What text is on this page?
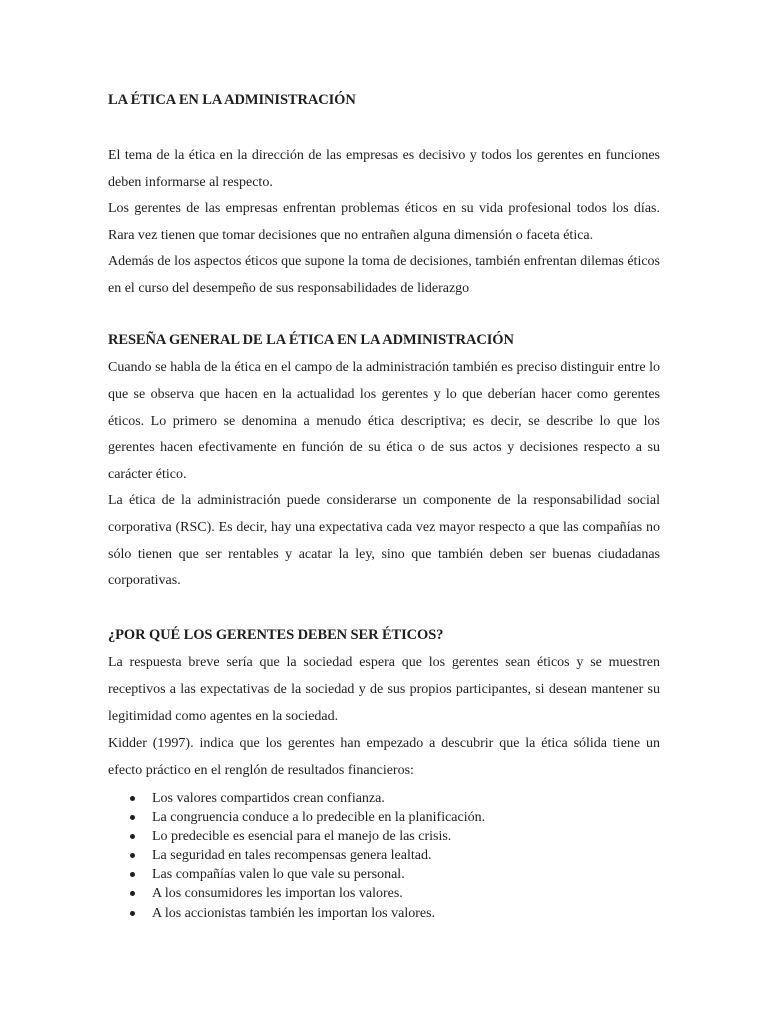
LA ÉTICA EN LA ADMINISTRACIÓN

El tema de la ética en la dirección de las empresas es decisivo y todos los gerentes en funciones deben informarse al respecto.

Los gerentes de las empresas enfrentan problemas éticos en su vida profesional todos los días. Rara vez tienen que tomar decisiones que no entrañen alguna dimensión o faceta ética.

Además de los aspectos éticos que supone la toma de decisiones, también enfrentan dilemas éticos en el curso del desempeño de sus responsabilidades de liderazgo

RESEÑA GENERAL DE LA ÉTICA EN LA ADMINISTRACIÓN

Cuando se habla de la ética en el campo de la administración también es preciso distinguir entre lo que se observa que hacen en la actualidad los gerentes y lo que deberían hacer como gerentes éticos. Lo primero se denomina a menudo ética descriptiva; es decir, se describe lo que los gerentes hacen efectivamente en función de su ética o de sus actos y decisiones respecto a su carácter ético.

La ética de la administración puede considerarse un componente de la responsabilidad social corporativa (RSC). Es decir, hay una expectativa cada vez mayor respecto a que las compañías no sólo tienen que ser rentables y acatar la ley, sino que también deben ser buenas ciudadanas corporativas.

¿POR QUÉ LOS GERENTES DEBEN SER ÉTICOS?

La respuesta breve sería que la sociedad espera que los gerentes sean éticos y se muestren receptivos a las expectativas de la sociedad y de sus propios participantes, si desean mantener su legitimidad como agentes en la sociedad.

Kidder (1997). indica que los gerentes han empezado a descubrir que la ética sólida tiene un efecto práctico en el renglón de resultados financieros:

Los valores compartidos crean confianza.
La congruencia conduce a lo predecible en la planificación.
Lo predecible es esencial para el manejo de las crisis.
La seguridad en tales recompensas genera lealtad.
Las compañías valen lo que vale su personal.
A los consumidores les importan los valores.
A los accionistas también les importan los valores.
